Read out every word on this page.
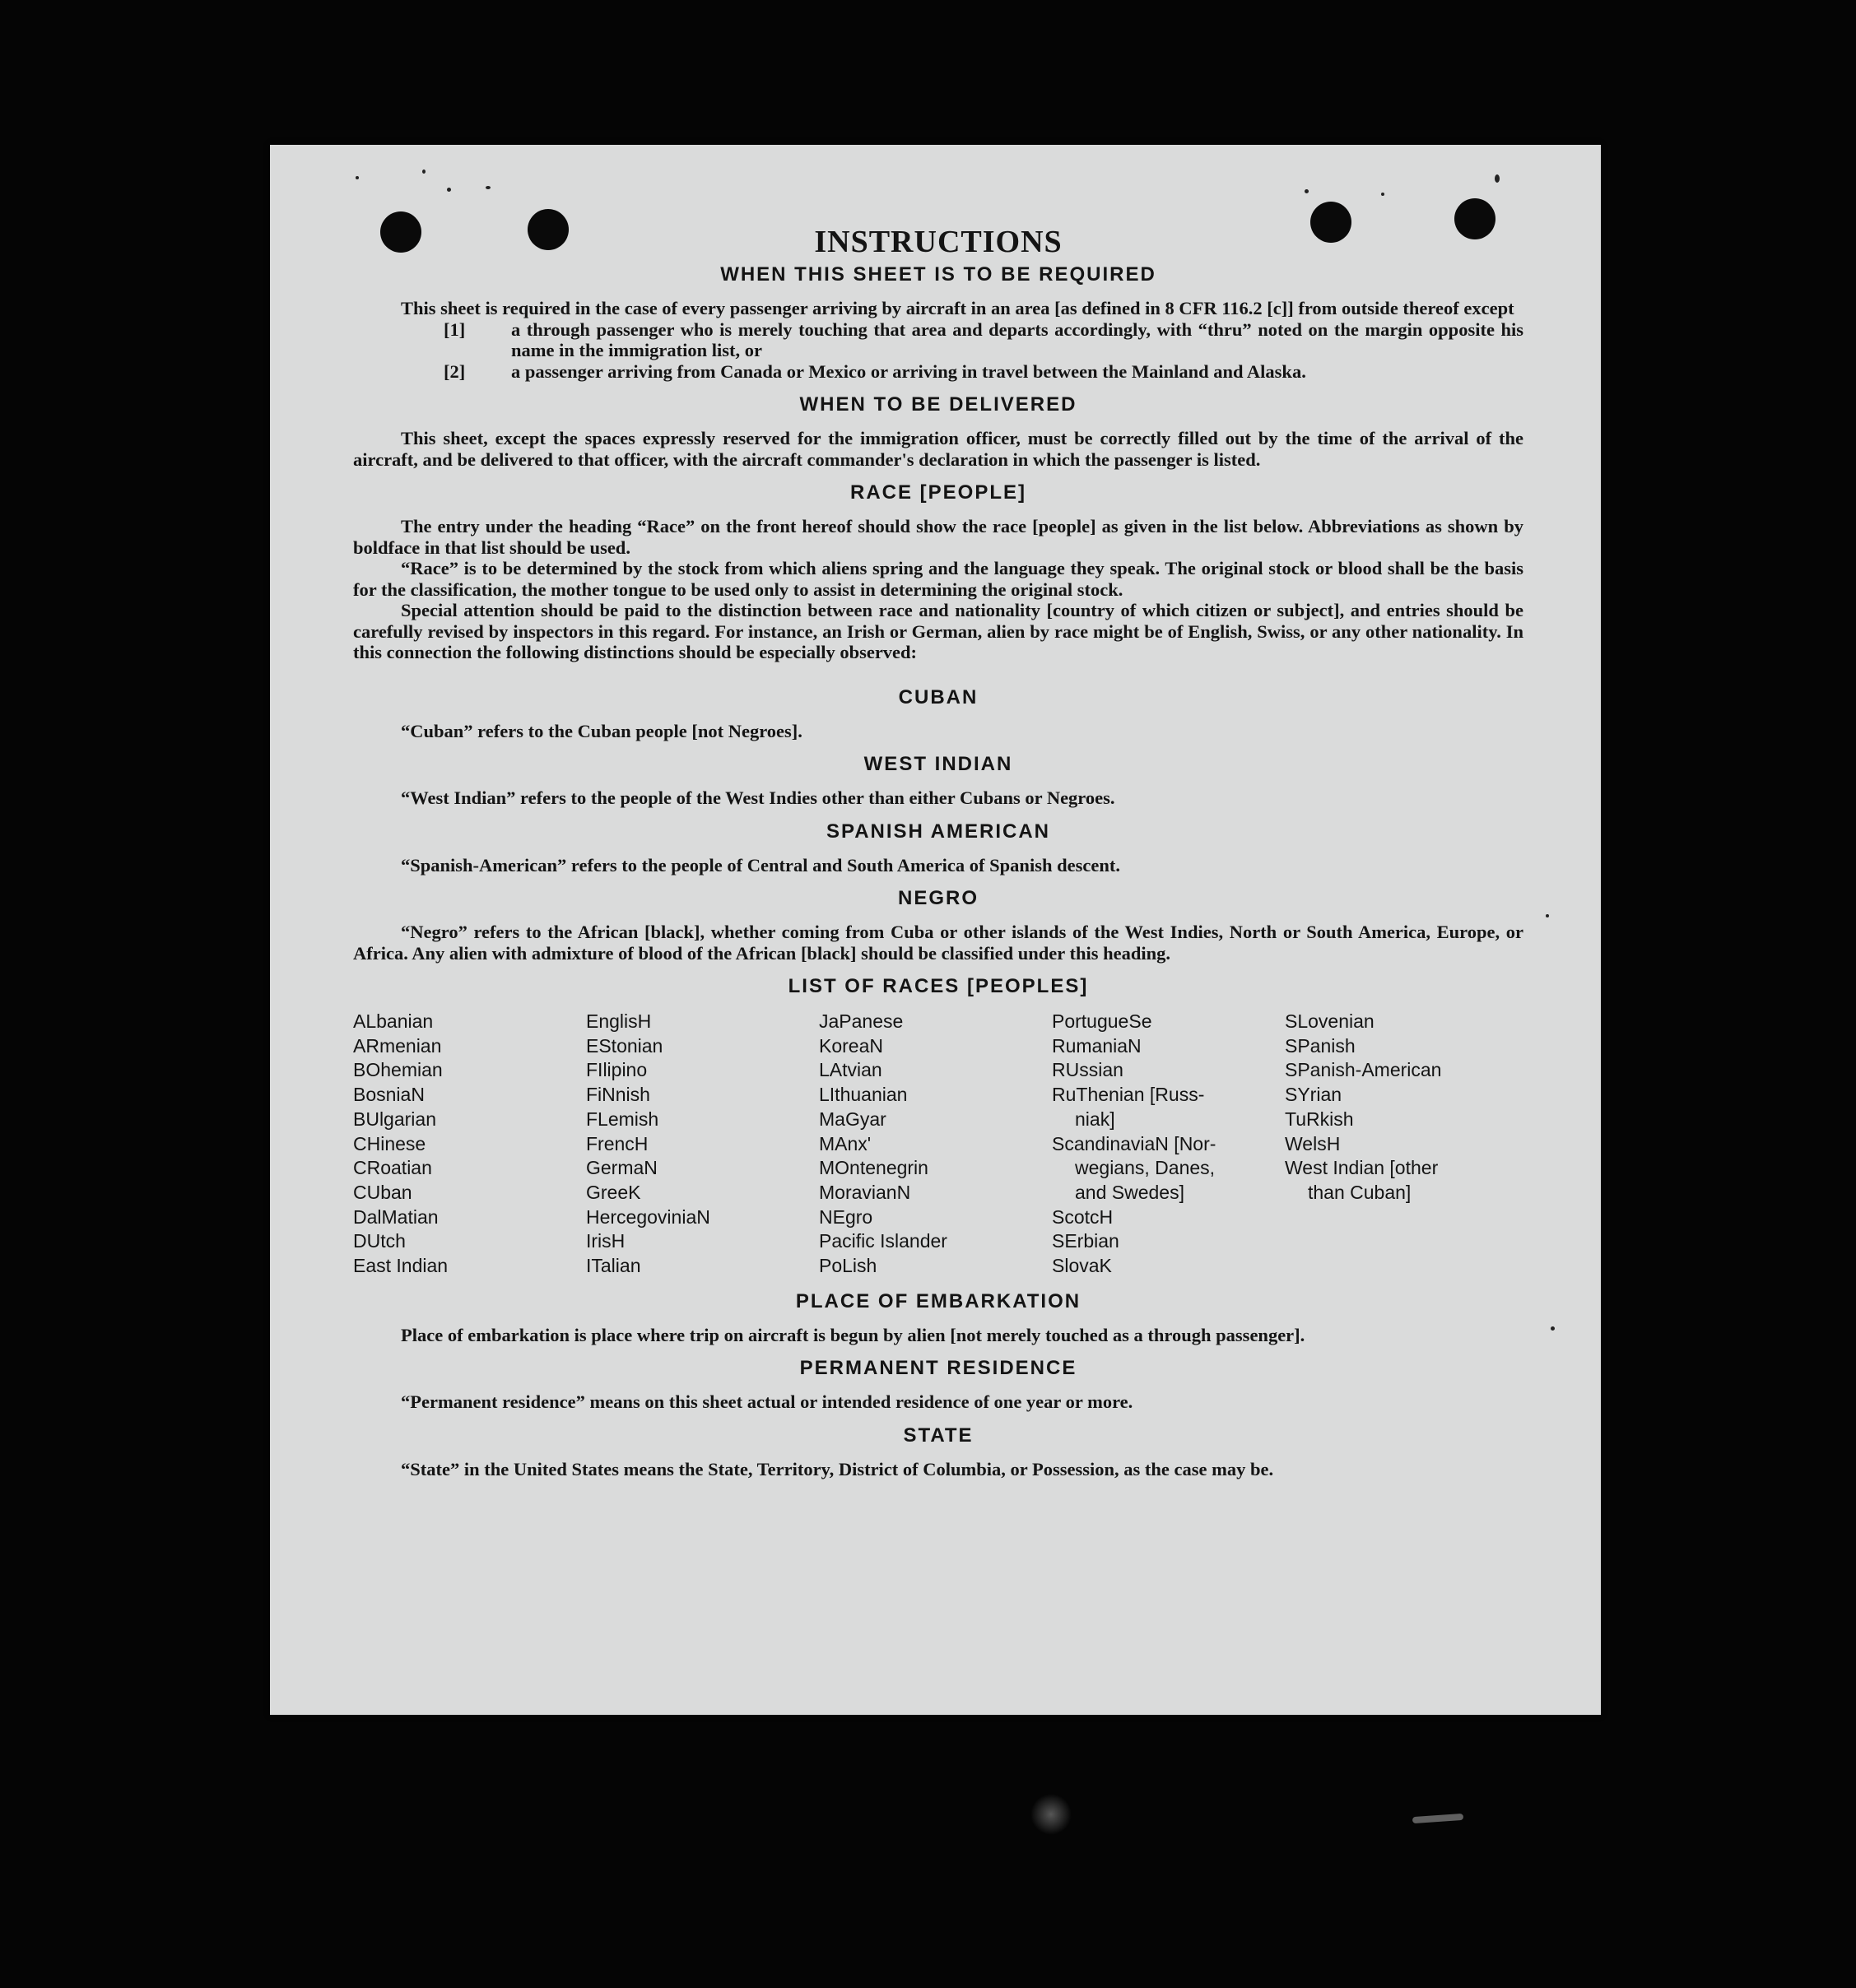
INSTRUCTIONS
WHEN THIS SHEET IS TO BE REQUIRED

This sheet is required in the case of every passenger arriving by aircraft in an area [as defined in 8 CFR 116.2 [c]] from outside thereof except

[1] a through passenger who is merely touching that area and departs accordingly, with “thru” noted on the margin opposite his name in the immigration list, or
[2] a passenger arriving from Canada or Mexico or arriving in travel between the Mainland and Alaska.
WHEN TO BE DELIVERED

This sheet, except the spaces expressly reserved for the immigration officer, must be correctly filled out by the time of the arrival of the aircraft, and be delivered to that officer, with the aircraft commander's declaration in which the passenger is listed.

RACE [PEOPLE]

The entry under the heading “Race” on the front hereof should show the race [people] as given in the list below. Abbreviations as shown by boldface in that list should be used.

“Race” is to be determined by the stock from which aliens spring and the language they speak. The original stock or blood shall be the basis for the classification, the mother tongue to be used only to assist in determining the original stock.

Special attention should be paid to the distinction between race and nationality [country of which citizen or subject], and entries should be carefully revised by inspectors in this regard. For instance, an Irish or German, alien by race might be of English, Swiss, or any other nationality. In this connection the following distinctions should be especially observed:

CUBAN

“Cuban” refers to the Cuban people [not Negroes].

WEST INDIAN

“West Indian” refers to the people of the West Indies other than either Cubans or Negroes.

SPANISH AMERICAN

“Spanish-American” refers to the people of Central and South America of Spanish descent.

NEGRO

“Negro” refers to the African [black], whether coming from Cuba or other islands of the West Indies, North or South America, Europe, or Africa. Any alien with admixture of blood of the African [black] should be classified under this heading.

LIST OF RACES [PEOPLES]
ALbanian
ARmenian
BOhemian
BosniaN
BUlgarian
CHinese
CRoatian
CUban
DalMatian
DUtch
East Indian
EnglisH
EStonian
FIlipino
FiNnish
FLemish
FrencH
GermaN
GreeK
HercegoviniaN
IrisH
ITalian
JaPanese
KoreaN
LAtvian
LIthuanian
MaGyar
MAnx'
MOntenegrin
MoravianN
NEgro
Pacific Islander
PoLish
PortugueSe
RumaniaN
RUssian
RuThenian [Russ-
niak]
ScandinaviaN [Nor-
wegians, Danes,
and Swedes]
ScotcH
SErbian
SlovaK
SLovenian
SPanish
SPanish-American
SYrian
TuRkish
WelsH
West Indian [other
than Cuban]
PLACE OF EMBARKATION

Place of embarkation is place where trip on aircraft is begun by alien [not merely touched as a through passenger].

PERMANENT RESIDENCE

“Permanent residence” means on this sheet actual or intended residence of one year or more.

STATE

“State” in the United States means the State, Territory, District of Columbia, or Possession, as the case may be.
